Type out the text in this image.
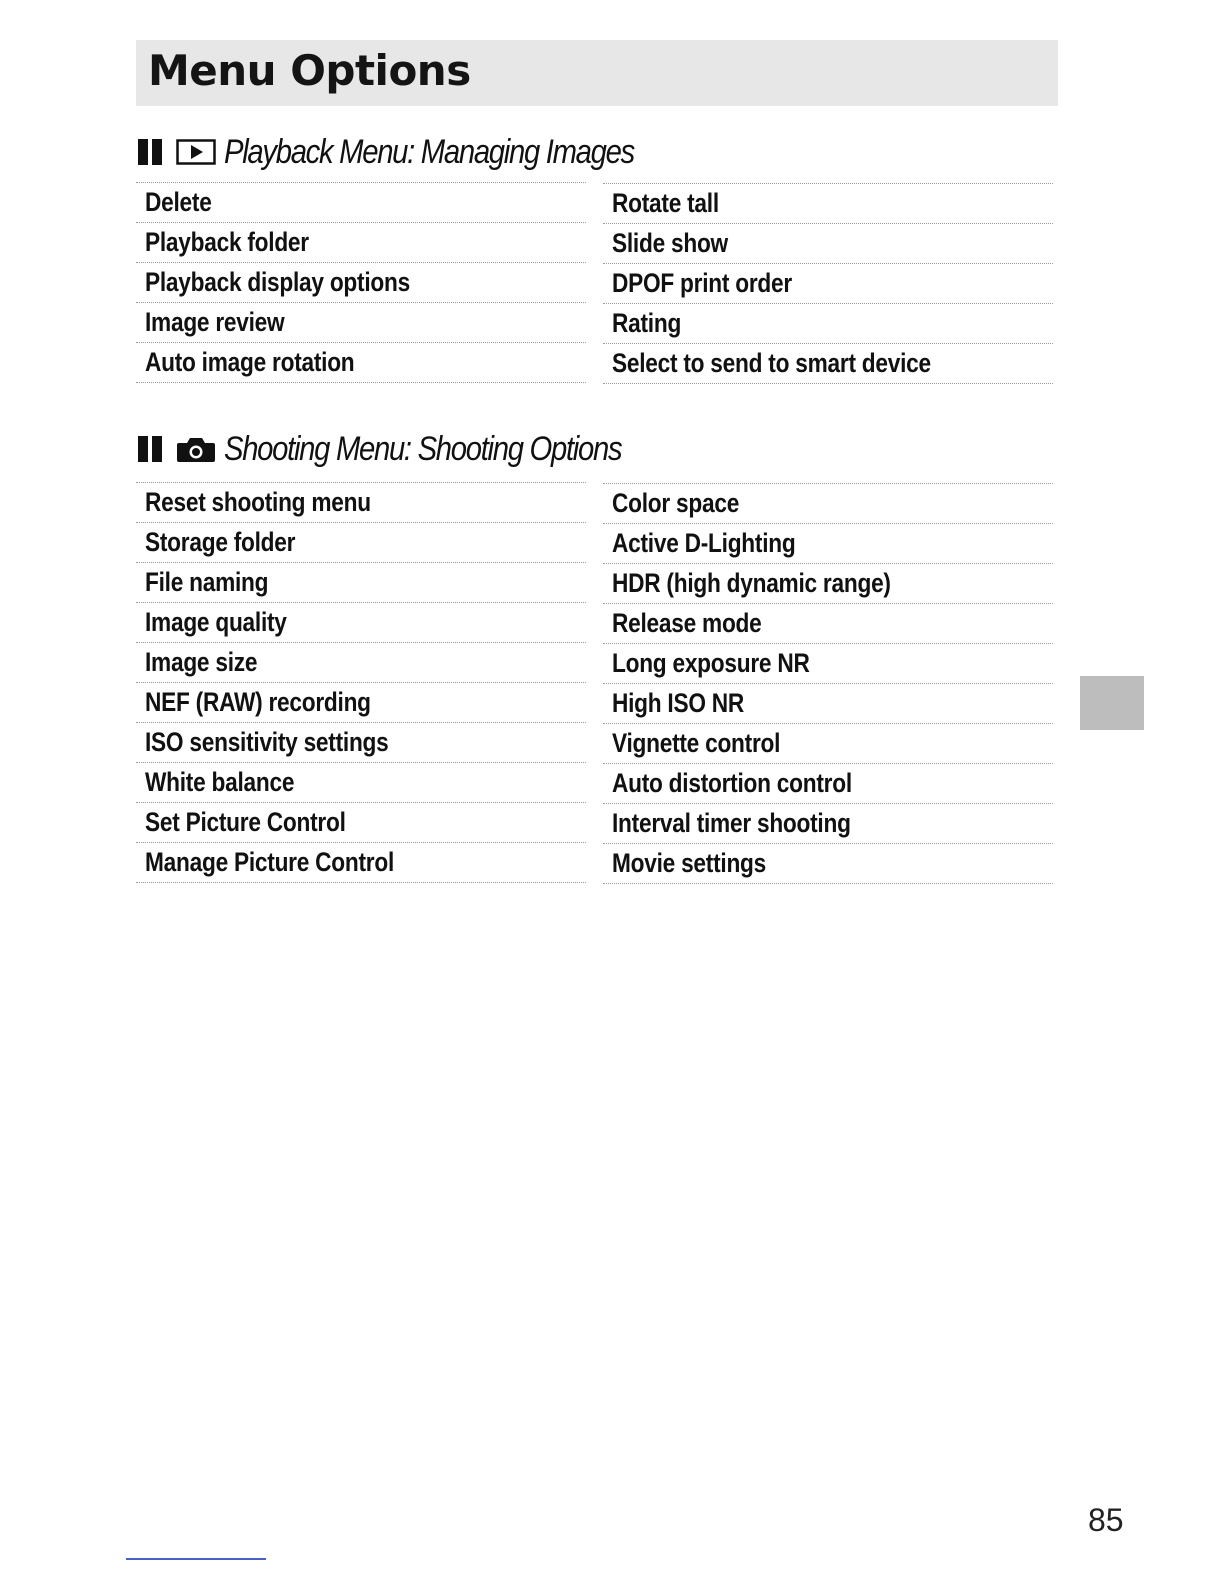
Menu Options
Playback Menu: Managing Images
Delete
Playback folder
Playback display options
Image review
Auto image rotation
Rotate tall
Slide show
DPOF print order
Rating
Select to send to smart device
Shooting Menu: Shooting Options
Reset shooting menu
Storage folder
File naming
Image quality
Image size
NEF (RAW) recording
ISO sensitivity settings
White balance
Set Picture Control
Manage Picture Control
Color space
Active D-Lighting
HDR (high dynamic range)
Release mode
Long exposure NR
High ISO NR
Vignette control
Auto distortion control
Interval timer shooting
Movie settings
85
